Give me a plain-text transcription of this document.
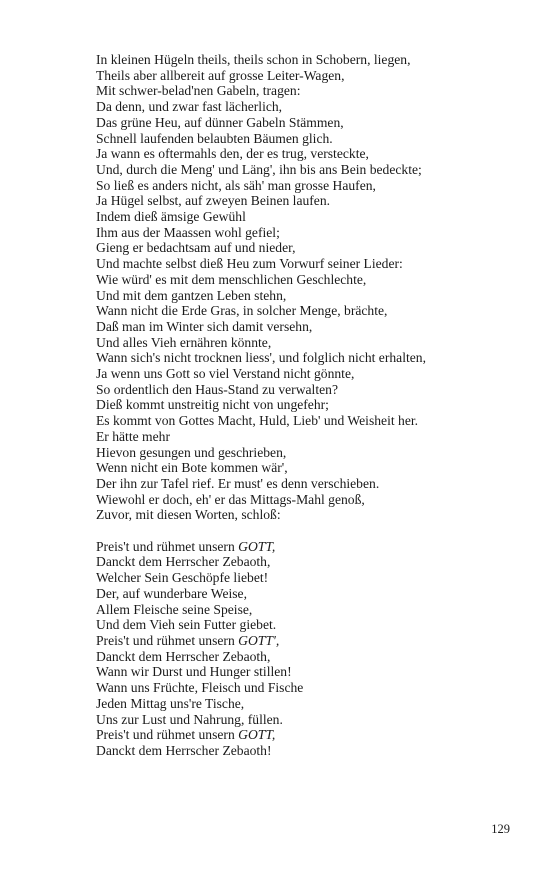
In kleinen Hügeln theils, theils schon in Schobern, liegen,
Theils aber allbereit auf grosse Leiter-Wagen,
Mit schwer-belad'nen Gabeln, tragen:
Da denn, und zwar fast lächerlich,
Das grüne Heu, auf dünner Gabeln Stämmen,
Schnell laufenden belaubten Bäumen glich.
Ja wann es oftermahls den, der es trug, versteckte,
Und, durch die Meng' und Läng', ihn bis ans Bein bedeckte;
So ließ es anders nicht, als säh' man grosse Haufen,
Ja Hügel selbst, auf zweyen Beinen laufen.
Indem dieß ämsige Gewühl
Ihm aus der Maassen wohl gefiel;
Gieng er bedachtsam auf und nieder,
Und machte selbst dieß Heu zum Vorwurf seiner Lieder:
Wie würd' es mit dem menschlichen Geschlechte,
Und mit dem gantzen Leben stehn,
Wann nicht die Erde Gras, in solcher Menge, brächte,
Daß man im Winter sich damit versehn,
Und alles Vieh ernähren könnte,
Wann sich's nicht trocknen liess', und folglich nicht erhalten,
Ja wenn uns Gott so viel Verstand nicht gönnte,
So ordentlich den Haus-Stand zu verwalten?
Dieß kommt unstreitig nicht von ungefehr;
Es kommt von Gottes Macht, Huld, Lieb' und Weisheit her.
Er hätte mehr
Hievon gesungen und geschrieben,
Wenn nicht ein Bote kommen wär',
Der ihn zur Tafel rief. Er must' es denn verschieben.
Wiewohl er doch, eh' er das Mittags-Mahl genoß,
Zuvor, mit diesen Worten, schloß:
Preis't und rühmet unsern GOTT,
Danckt dem Herrscher Zebaoth,
Welcher Sein Geschöpfe liebet!
Der, auf wunderbare Weise,
Allem Fleische seine Speise,
Und dem Vieh sein Futter giebet.
Preis't und rühmet unsern GOTT',
Danckt dem Herrscher Zebaoth,
Wann wir Durst und Hunger stillen!
Wann uns Früchte, Fleisch und Fische
Jeden Mittag uns're Tische,
Uns zur Lust und Nahrung, füllen.
Preis't und rühmet unsern GOTT,
Danckt dem Herrscher Zebaoth!
129
